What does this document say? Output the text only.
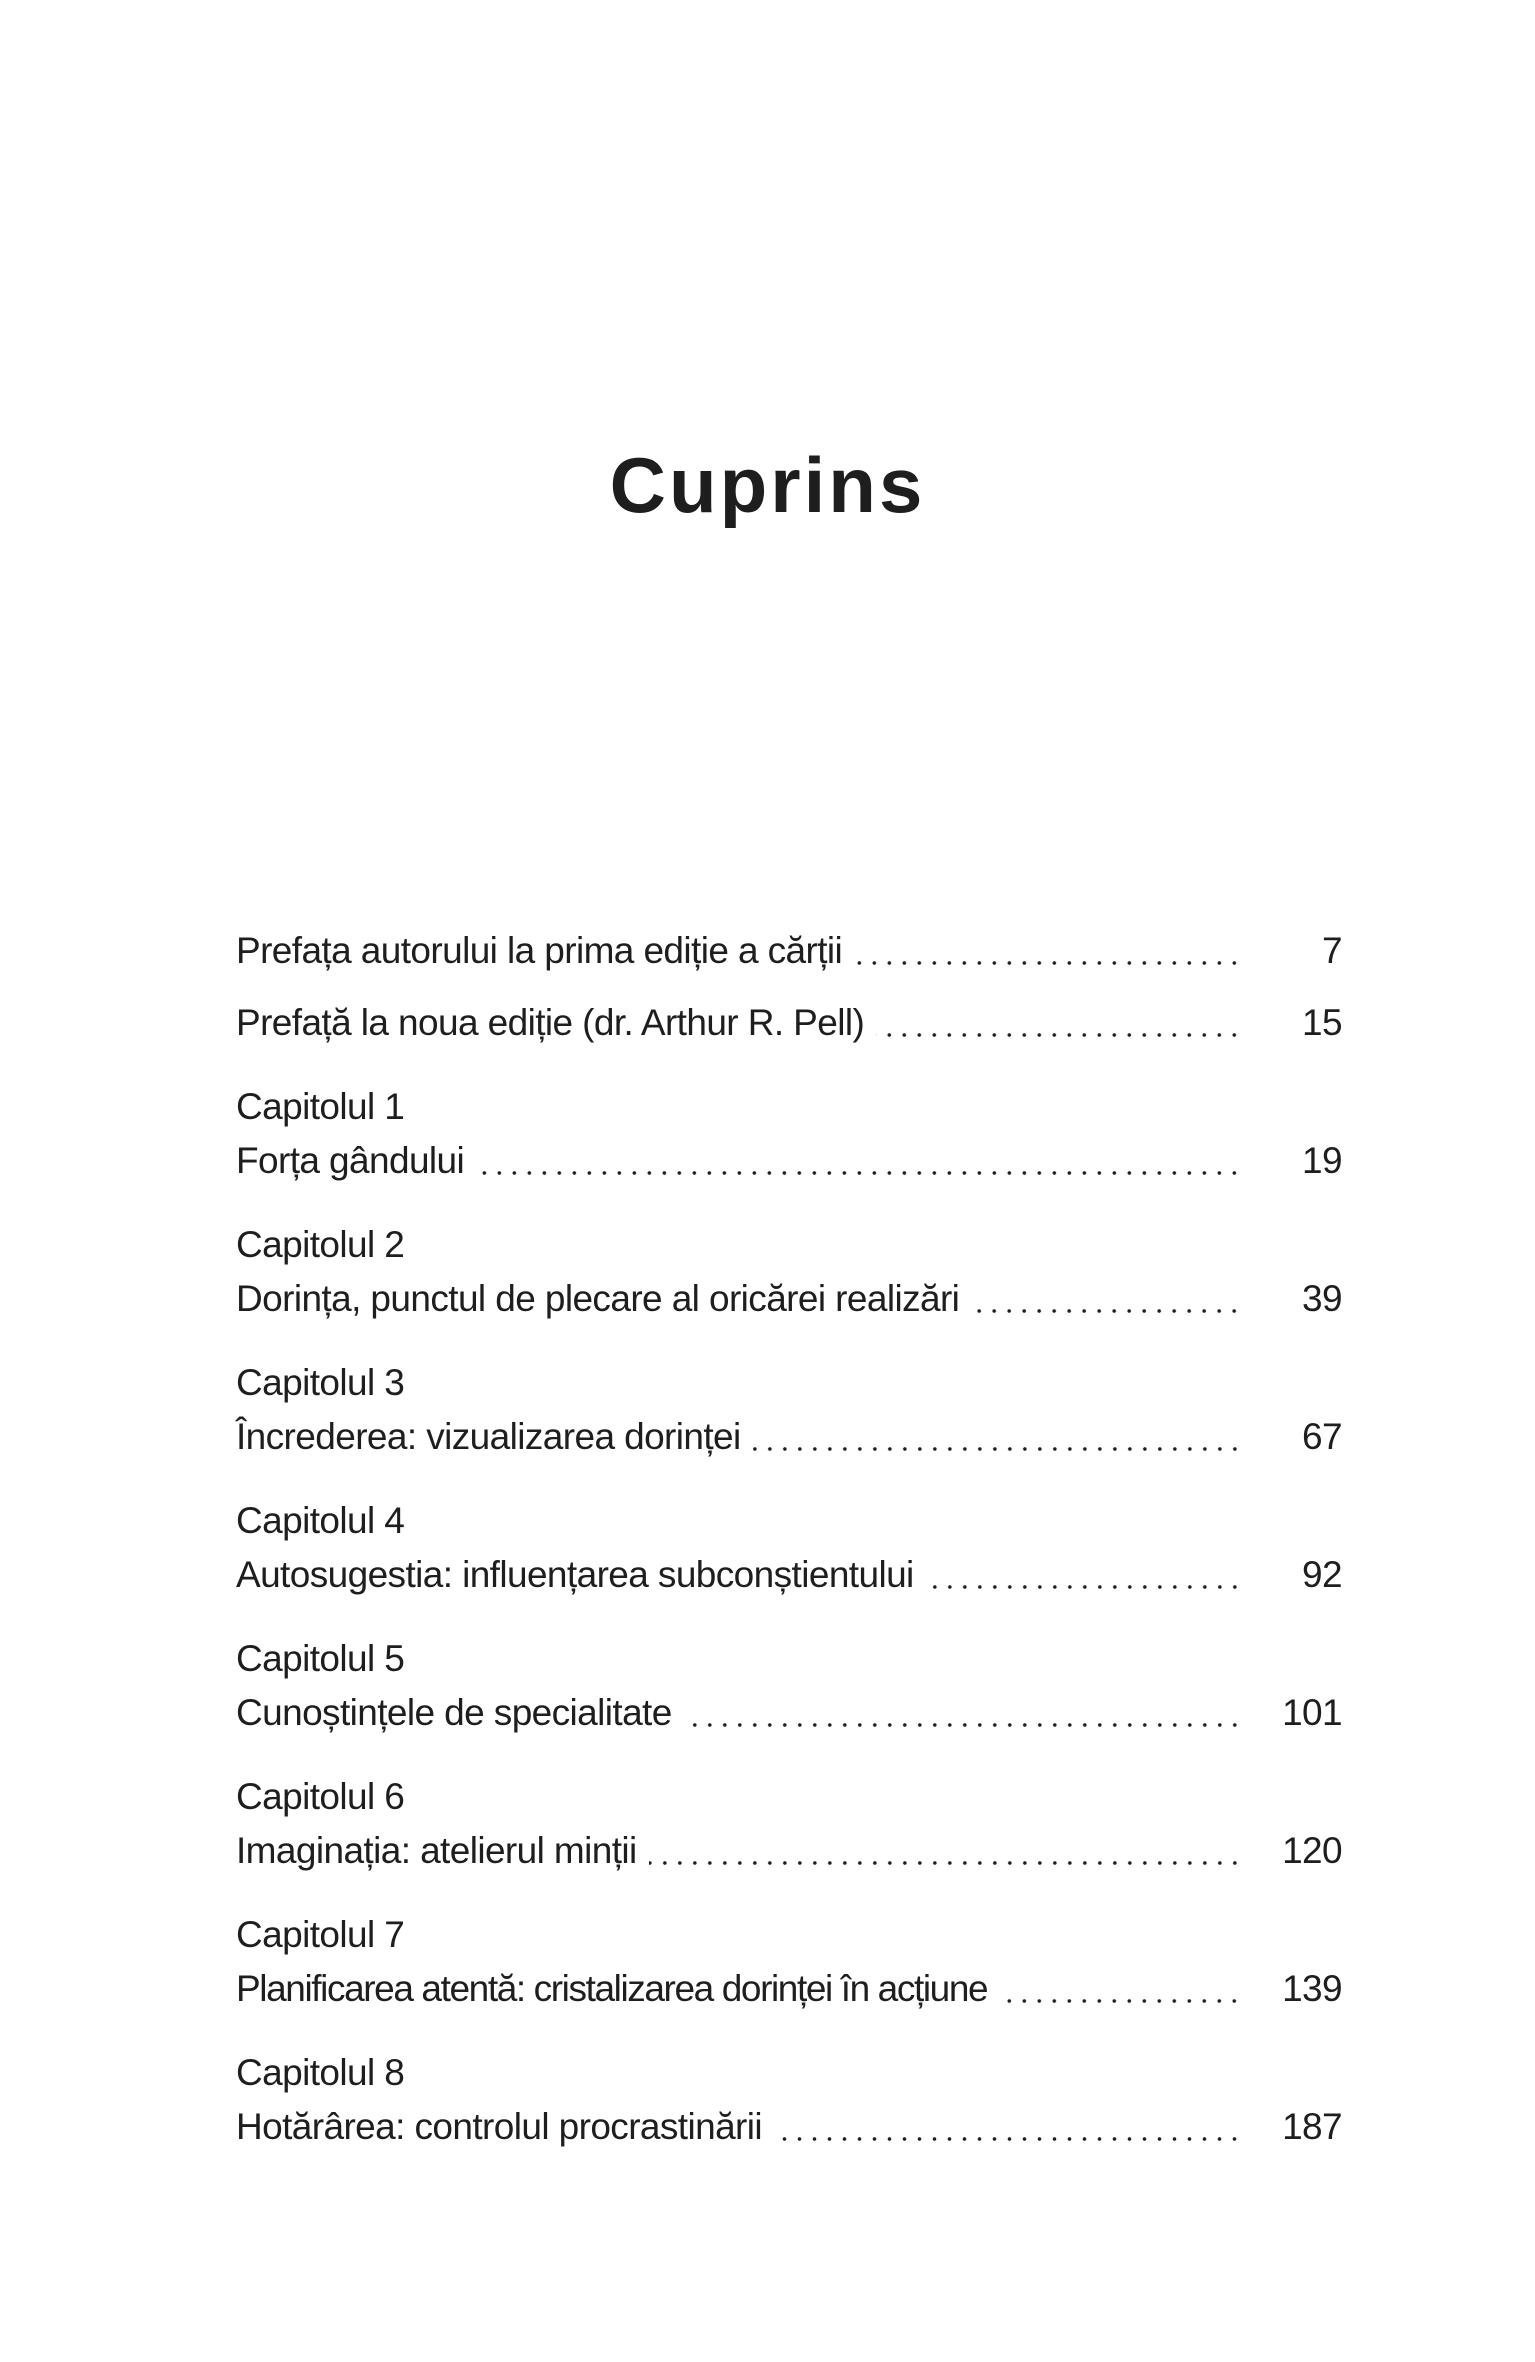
Cuprins
Prefața autorului la prima ediție a cărții	7
Prefață la noua ediție (dr. Arthur R. Pell)	15
Capitolul 1
Forța gândului	19
Capitolul 2
Dorința, punctul de plecare al oricărei realizări	39
Capitolul 3
Încrederea: vizualizarea dorinței	67
Capitolul 4
Autosugestia: influențarea subconștientului	92
Capitolul 5
Cunoștințele de specialitate	101
Capitolul 6
Imaginația: atelierul minții	120
Capitolul 7
Planificarea atentă: cristalizarea dorinței în acțiune	139
Capitolul 8
Hotărârea: controlul procrastinării	187
